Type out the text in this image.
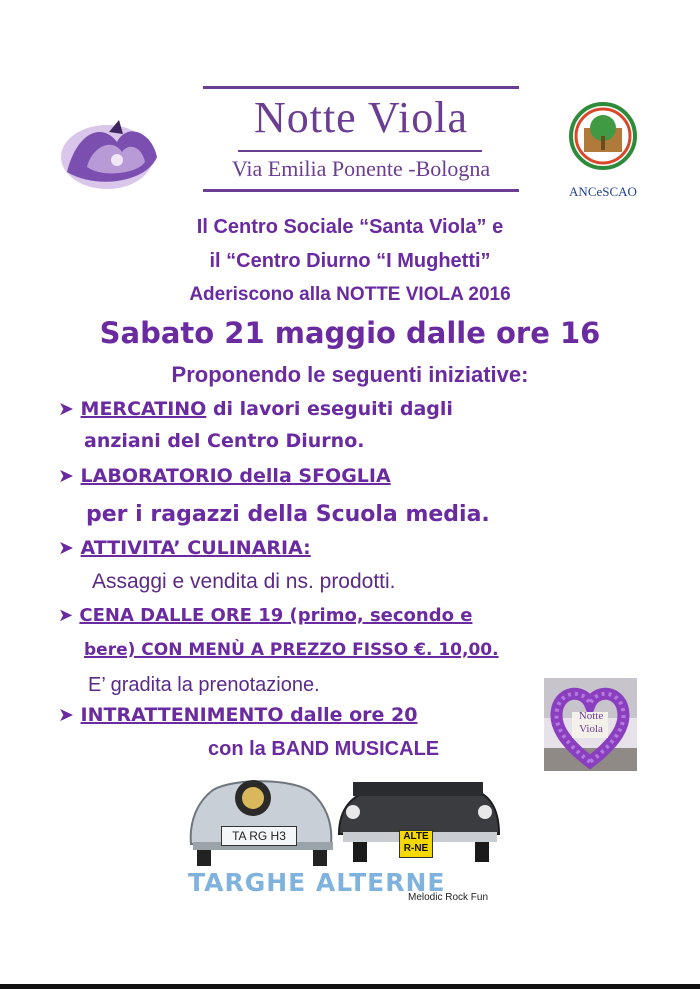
Notte Viola
Via Emilia Ponente -Bologna
ANCeSCAO
Il Centro Sociale “Santa Viola” e
il “Centro Diurno “I Mughetti”
Aderiscono alla NOTTE VIOLA 2016
Sabato 21 maggio dalle ore 16
Proponendo le seguenti iniziative:
➤ MERCATINO di lavori eseguiti dagli
anziani del Centro Diurno.
➤ LABORATORIO della SFOGLIA
per i ragazzi della Scuola media.
➤ ATTIVITA’ CULINARIA:
Assaggi e vendita di ns. prodotti.
➤ CENA DALLE ORE 19 (primo, secondo e
bere) CON MENÙ A PREZZO FISSO €. 10,00.
E’ gradita la prenotazione.
➤ INTRATTENIMENTO dalle ore 20
con la BAND MUSICALE
Notte Viola
TA RG H3	ALTE
R-NE
TARGHE ALTERNE
Melodic Rock Fun
